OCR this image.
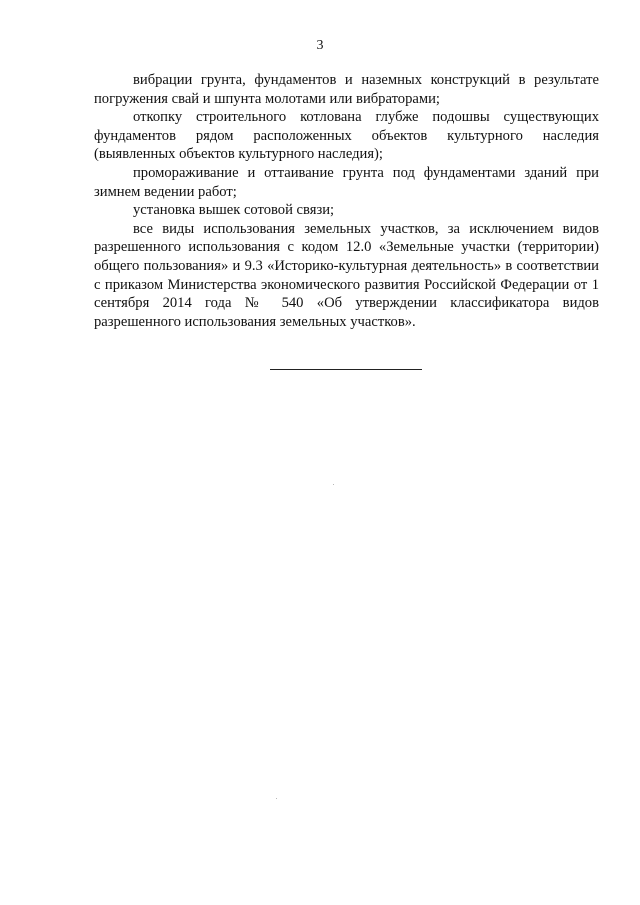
3

вибрации грунта, фундаментов и наземных конструкций в результате погружения свай и шпунта молотами или вибраторами;

откопку строительного котлована глубже подошвы существующих фундаментов рядом расположенных объектов культурного наследия (выявленных объектов культурного наследия);

промораживание и оттаивание грунта под фундаментами зданий при зимнем ведении работ;

установка вышек сотовой связи;

все виды использования земельных участков, за исключением видов разрешенного использования с кодом 12.0 «Земельные участки (территории) общего пользования» и 9.3 «Историко-культурная деятельность» в соответствии с приказом Министерства экономического развития Российской Федерации от 1 сентября 2014 года № 540 «Об утверждении классификатора видов разрешенного использования земельных участков».
